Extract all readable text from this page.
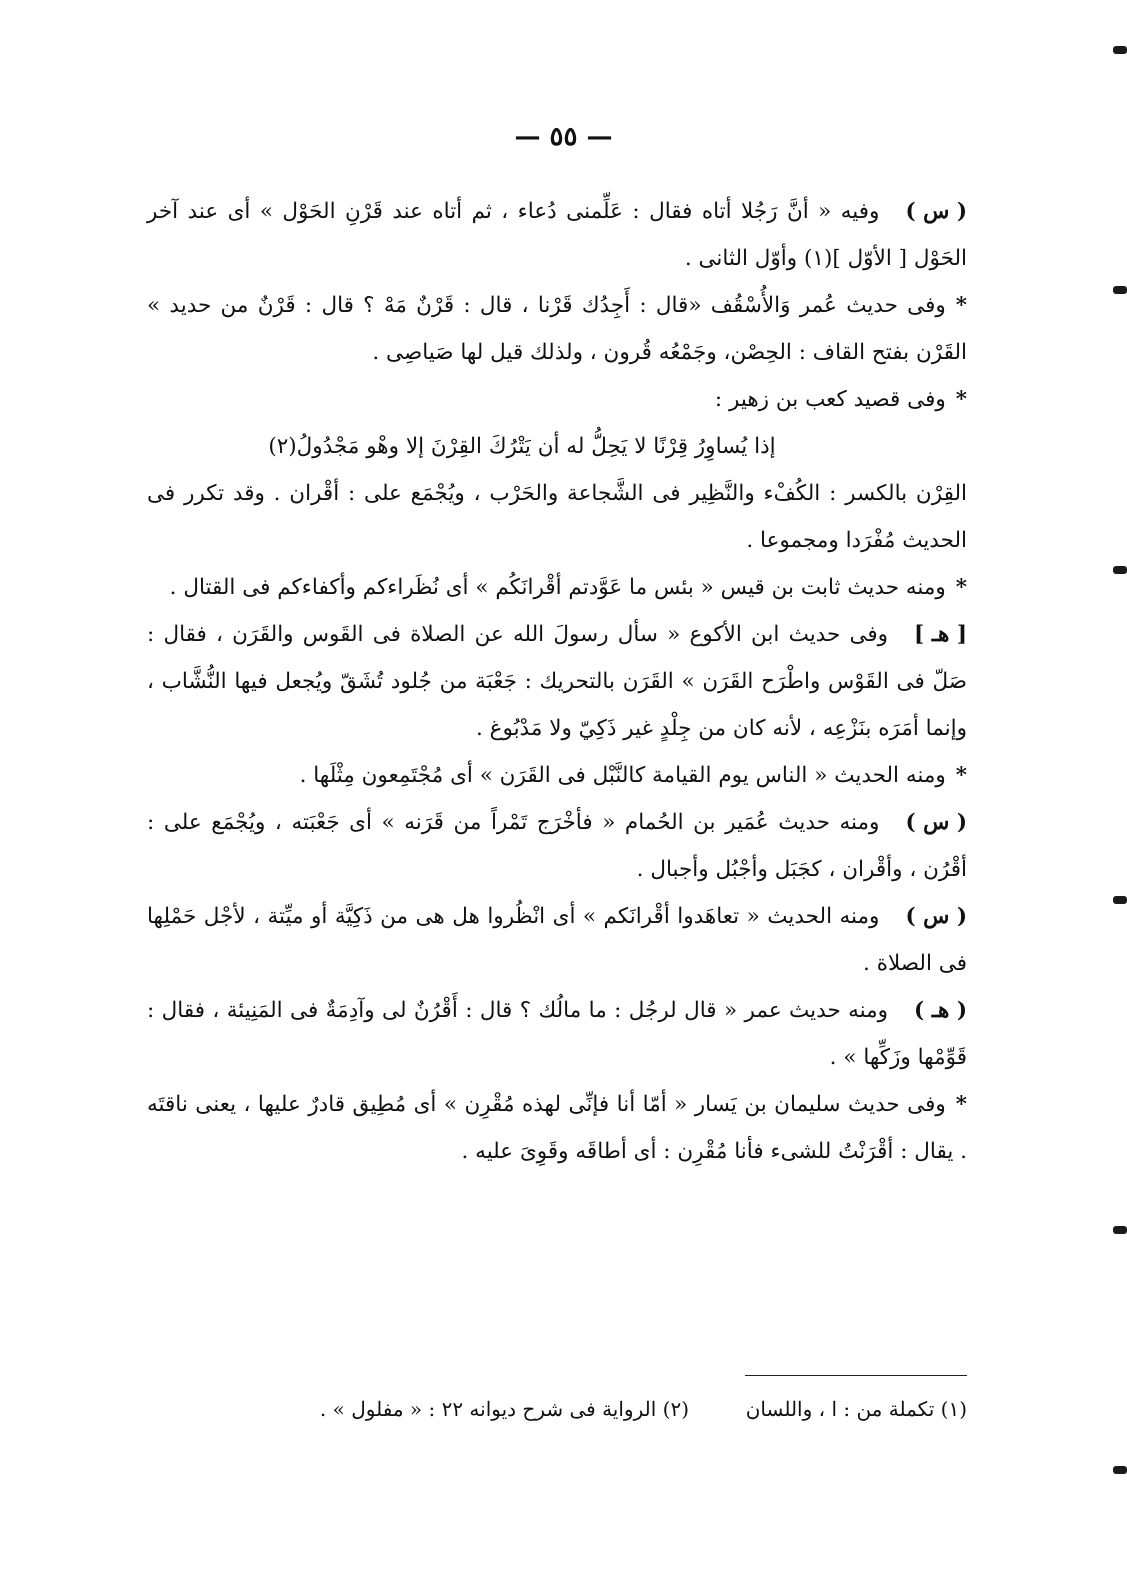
— ٥٥ —

( س )وفيه « أنَّ رَجُلا أتاه فقال : عَلِّمنى دُعاء ، ثم أتاه عند قَرْنِ الحَوْل » أى عند آخر الحَوْل [ الأوّل ](١) وأوّل الثانى .

*وفى حديث عُمر وَالأُسْقُف «قال : أَجِدُك قَرْنا ، قال : قَرْنٌ مَهْ ؟ قال : قَرْنٌ من حديد » القَرْن بفتح القاف : الحِصْن، وجَمْعُه قُرون ، ولذلك قيل لها صَياصِى .

*وفى قصيد كعب بن زهير :

إذا يُساوِرُ قِرْنًا لا يَحِلُّ له أن يَتْرُكَ القِرْنَ إلا وهْو مَجْدُولُ(٢)

القِرْن بالكسر : الكُفْء والنَّظِير فى الشَّجاعة والحَرْب ، ويُجْمَع على : أقْران . وقد تكرر فى الحديث مُفْرَدا ومجموعا .

*ومنه حديث ثابت بن قيس « بئس ما عَوَّدتم أقْرانَكُم » أى نُظَراءكم وأكفاءكم فى القتال .

[ هـ ]وفى حديث ابن الأكوع « سأل رسولَ الله عن الصلاة فى القَوس والقَرَن ، فقال : صَلّ فى القَوْس واطْرَح القَرَن » القَرَن بالتحريك : جَعْبَة من جُلود تُشَقّ ويُجعل فيها النُّشَّاب ، وإنما أمَرَه بنَزْعِه ، لأنه كان من جِلْدٍ غير ذَكِيّ ولا مَدْبُوغ .

*ومنه الحديث « الناس يوم القيامة كالنَّبْل فى القَرَن » أى مُجْتَمِعون مِثْلَها .

( س )ومنه حديث عُمَير بن الحُمام « فأخْرَج تَمْراً من قَرَنه » أى جَعْبَته ، ويُجْمَع على : أقْرُن ، وأقْران ، كجَبَل وأجْبُل وأجبال .

( س )ومنه الحديث « تعاهَدوا أقْرانَكم » أى انْظُروا هل هى من ذَكِيَّة أو ميِّتة ، لأجْل حَمْلِها فى الصلاة .

( هـ )ومنه حديث عمر « قال لرجُل : ما مالُك ؟ قال : أَقْرُنٌ لى وآدِمَةٌ فى المَنِيئة ، فقال : قَوِّمْها وزَكِّها » .

*وفى حديث سليمان بن يَسار « أمّا أنا فإنِّى لهذه مُقْرِن » أى مُطِيق قادرٌ عليها ، يعنى ناقتَه . يقال : أقْرَنْتُ للشىء فأنا مُقْرِن : أى أطاقَه وقَوِىَ عليه .

(١) تكملة من : ا ، واللسان  (٢) الرواية فى شرح ديوانه ٢٢ : « مفلول » .
